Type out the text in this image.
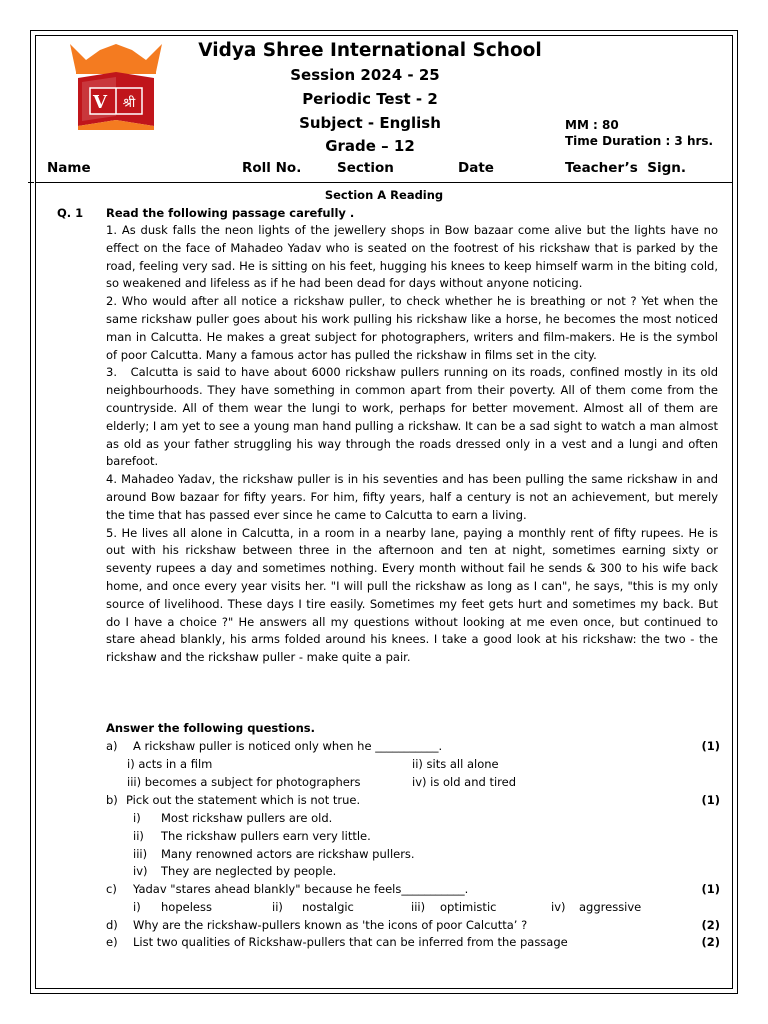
V श्री
Vidya Shree International School
Session 2024 - 25
Periodic Test - 2
Subject - English
Grade – 12
MM : 80
Time Duration : 3 hrs.
Name	Roll No.	Section	Date	Teacher’s  Sign.
Section A Reading
Q. 1 Read the following passage carefully .

1. As dusk falls the neon lights of the jewellery shops in Bow bazaar come alive but the lights have no effect on the face of Mahadeo Yadav who is seated on the footrest of his rickshaw that is parked by the road, feeling very sad. He is sitting on his feet, hugging his knees to keep himself warm in the biting cold, so weakened and lifeless as if he had been dead for days without anyone noticing.

2. Who would after all notice a rickshaw puller, to check whether he is breathing or not ? Yet when the same rickshaw puller goes about his work pulling his rickshaw like a horse, he becomes the most noticed man in Calcutta. He makes a great subject for photographers, writers and film-makers. He is the symbol of poor Calcutta. Many a famous actor has pulled the rickshaw in films set in the city.

3.   Calcutta is said to have about 6000 rickshaw pullers running on its roads, confined mostly in its old neighbourhoods. They have something in common apart from their poverty. All of them come from the countryside. All of them wear the lungi to work, perhaps for better movement. Almost all of them are elderly; I am yet to see a young man hand pulling a rickshaw. It can be a sad sight to watch a man almost as old as your father struggling his way through the roads dressed only in a vest and a lungi and often barefoot.

4. Mahadeo Yadav, the rickshaw puller is in his seventies and has been pulling the same rickshaw in and around Bow bazaar for fifty years. For him, fifty years, half a century is not an achievement, but merely the time that has passed ever since he came to Calcutta to earn a living.

5. He lives all alone in Calcutta, in a room in a nearby lane, paying a monthly rent of fifty rupees. He is out with his rickshaw between three in the afternoon and ten at night, sometimes earning sixty or seventy rupees a day and sometimes nothing. Every month without fail he sends & 300 to his wife back home, and once every year visits her. "I will pull the rickshaw as long as I can", he says, "this is my only source of livelihood. These days I tire easily. Sometimes my feet gets hurt and sometimes my back. But do I have a choice ?" He answers all my questions without looking at me even once, but continued to stare ahead blankly, his arms folded around his knees. I take a good look at his rickshaw: the two - the rickshaw and the rickshaw puller - make quite a pair.

Answer the following questions.
a) A rickshaw puller is noticed only when he ___________.	(1)
i) acts in a film	ii) sits all alone
iii) becomes a subject for photographers	iv) is old and tired
b) Pick out the statement which is not true.	(1)
i) Most rickshaw pullers are old.
ii) The rickshaw pullers earn very little.
iii) Many renowned actors are rickshaw pullers.
iv) They are neglected by people.
c) Yadav "stares ahead blankly" because he feels___________.	(1)
i) hopeless	ii) nostalgic	iii) optimistic	iv) aggressive
d) Why are the rickshaw-pullers known as 'the icons of poor Calcutta’ ?	(2)
e) List two qualities of Rickshaw-pullers that can be inferred from the passage	(2)
